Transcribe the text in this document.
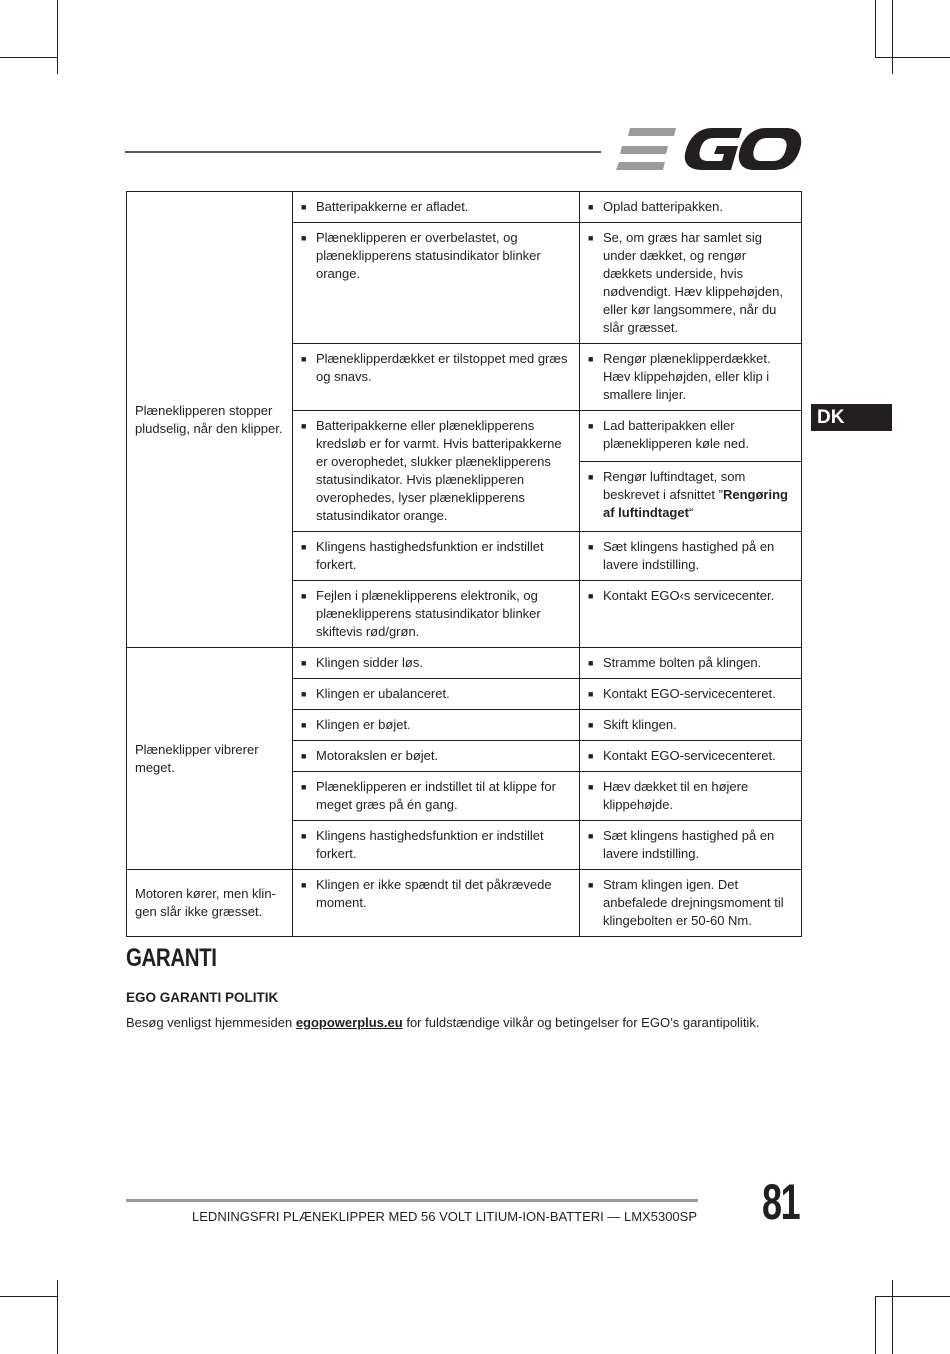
DK
Plæneklipperen stopper pludselig, når den klipper.	■ Batteripakkerne er afladet.	■ Oplad batteripakken.

	■ Plæneklipperen er overbelastet, og plæneklipperens statusindikator blinker orange.	■ Se, om græs har samlet sig under dækket, og rengør dækkets underside, hvis nødvendigt. Hæv klippehøjden, eller kør langsommere, når du slår græsset.

	■ Plæneklipperdækket er tilstoppet med græs og snavs.	■ Rengør plæneklipperdækket. Hæv klippehøjden, eller klip i smallere linjer.

	■ Batteripakkerne eller plæneklipperens kredsløb er for varmt. Hvis batteripakkerne er overophedet, slukker plæneklipperens statusindikator. Hvis plæneklipperen overophedes, lyser plæneklipperens statusindikator orange.	■ Lad batteripakken eller plæneklipperen køle ned.

		■ Rengør luftindtaget, som beskrevet i afsnittet ”Rengøring af luftindtaget“

	■ Klingens hastighedsfunktion er indstillet forkert.	■ Sæt klingens hastighed på en lavere indstilling.

	■ Fejlen i plæneklipperens elektronik, og plæneklipperens statusindikator blinker skiftevis rød/grøn.	■ Kontakt EGO‹s servicecenter.

Plæneklipper vibrerer meget.	■ Klingen sidder løs.	■ Stramme bolten på klingen.

	■ Klingen er ubalanceret.	■ Kontakt EGO-servicecenteret.

	■ Klingen er bøjet.	■ Skift klingen.

	■ Motorakslen er bøjet.	■ Kontakt EGO-servicecenteret.

	■ Plæneklipperen er indstillet til at klippe for meget græs på én gang.	■ Hæv dækket til en højere klippehøjde.

	■ Klingens hastighedsfunktion er indstillet forkert.	■ Sæt klingens hastighed på en lavere indstilling.

Motoren kører, men klin-gen slår ikke græsset.	■ Klingen er ikke spændt til det påkrævede moment.	■ Stram klingen igen. Det anbefalede drejningsmoment til klingebolten er 50-60 Nm.
GARANTI
EGO GARANTI POLITIK

Besøg venligst hjemmesiden egopowerplus.eu for fuldstændige vilkår og betingelser for EGO’s garantipolitik.

LEDNINGSFRI PLÆNEKLIPPER MED 56 VOLT LITIUM-ION-BATTERI — LMX5300SP 81
